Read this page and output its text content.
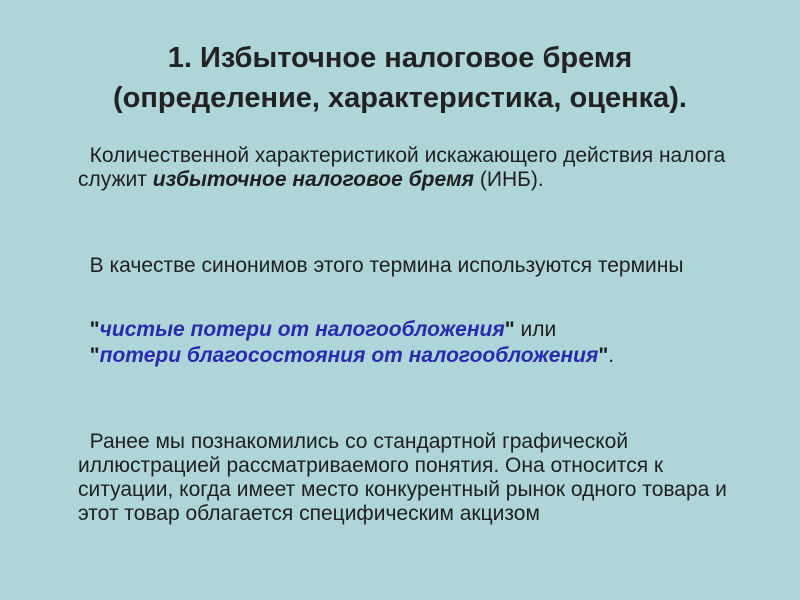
1. Избыточное налоговое бремя
(определение, характеристика, оценка).

Количественной характеристикой искажающего действия налога служит избыточное налоговое бремя (ИНБ).

В качестве синонимов этого термина используются термины

"чистые потери от налогообложения" или

"потери благосостояния от налогообложения".

Ранее мы познакомились со стандартной графической иллюстрацией рассматриваемого понятия. Она относится к ситуации, когда имеет место конкурентный рынок одного товара и этот товар облагается специфическим акцизом
